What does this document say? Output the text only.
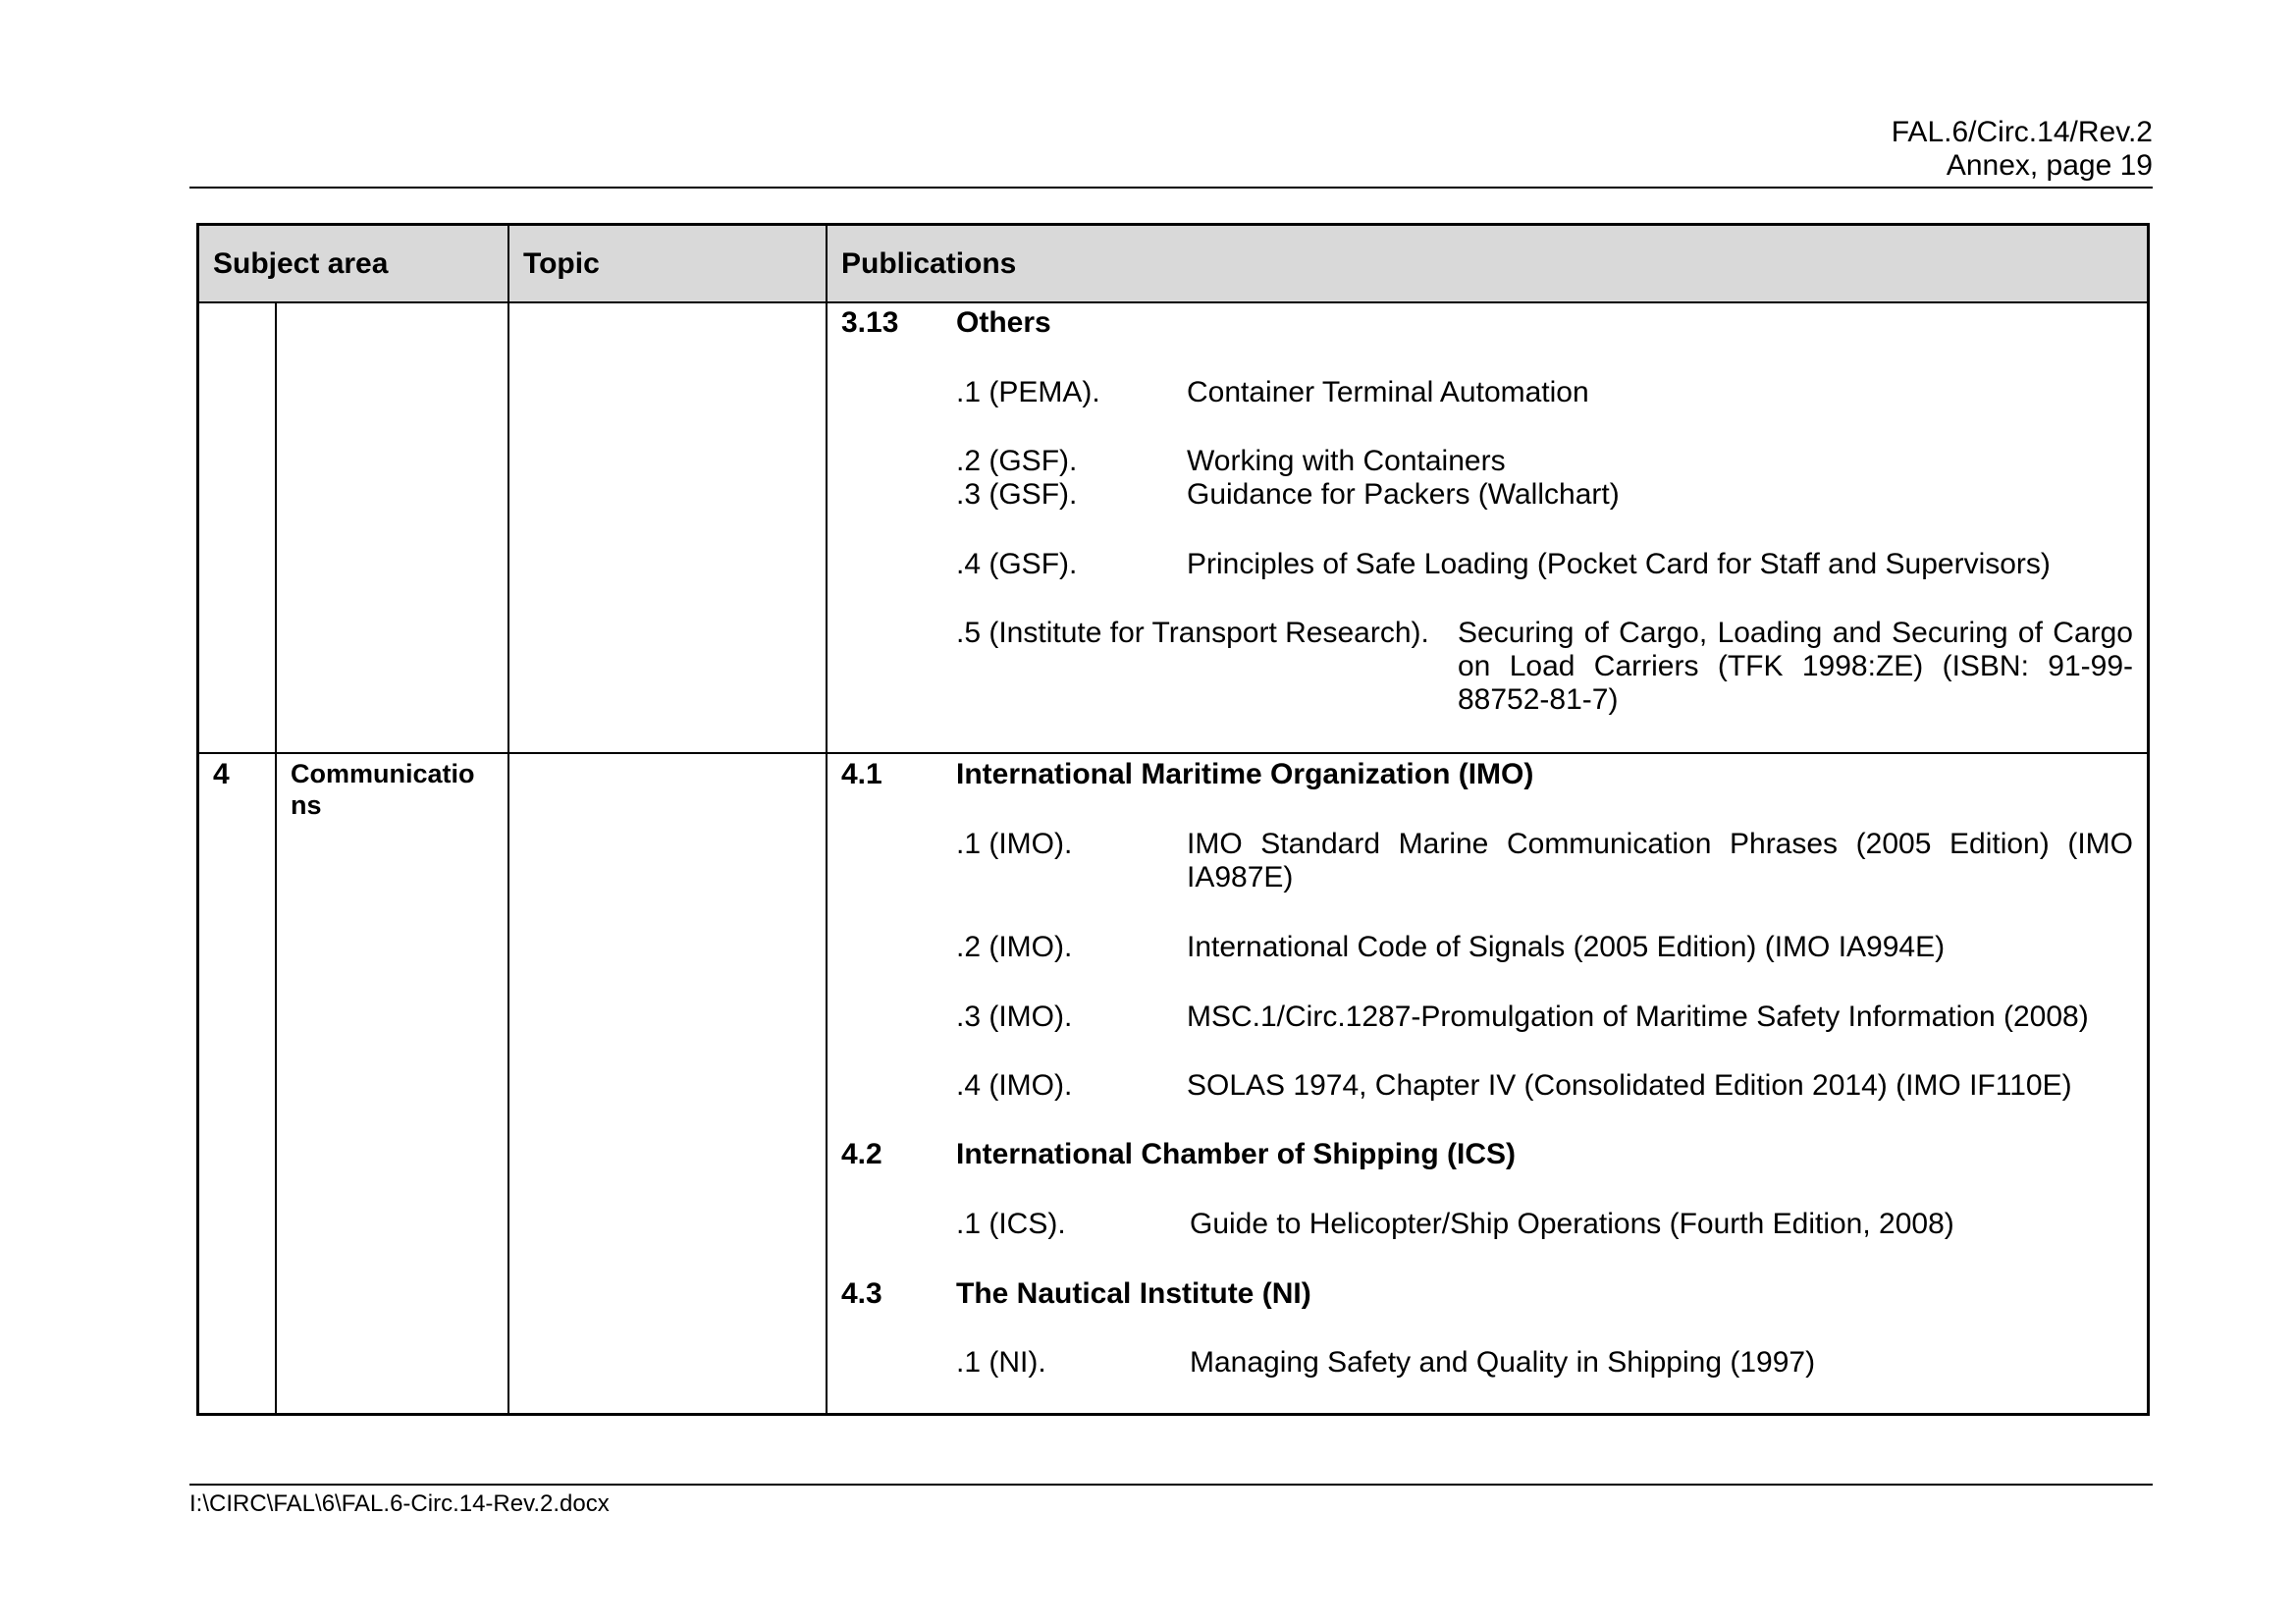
FAL.6/Circ.14/Rev.2
Annex, page 19
Subject area	Topic	Publications
3.13 Others
.1 (PEMA).	Container Terminal Automation
.2 (GSF).	Working with Containers
.3 (GSF).	Guidance for Packers (Wallchart)
.4 (GSF).	Principles of Safe Loading (Pocket Card for Staff and Supervisors)
.5 (Institute for Transport Research). Securing of Cargo, Loading and Securing of Cargo on Load Carriers (TFK 1998:ZE) (ISBN: 91-99-88752-81-7)
4 Communicatio ns
4.1	International Maritime Organization (IMO)
.1 (IMO).	IMO Standard Marine Communication Phrases (2005 Edition) (IMO IA987E)
.2 (IMO).	International Code of Signals (2005 Edition) (IMO IA994E)
.3 (IMO).	MSC.1/Circ.1287-Promulgation of Maritime Safety Information (2008)
.4 (IMO).	SOLAS 1974, Chapter IV (Consolidated Edition 2014) (IMO IF110E)
4.2	International Chamber of Shipping (ICS)
.1 (ICS).	Guide to Helicopter/Ship Operations (Fourth Edition, 2008)
4.3	The Nautical Institute (NI)
.1 (NI).	Managing Safety and Quality in Shipping (1997)
I:\CIRC\FAL\6\FAL.6-Circ.14-Rev.2.docx
